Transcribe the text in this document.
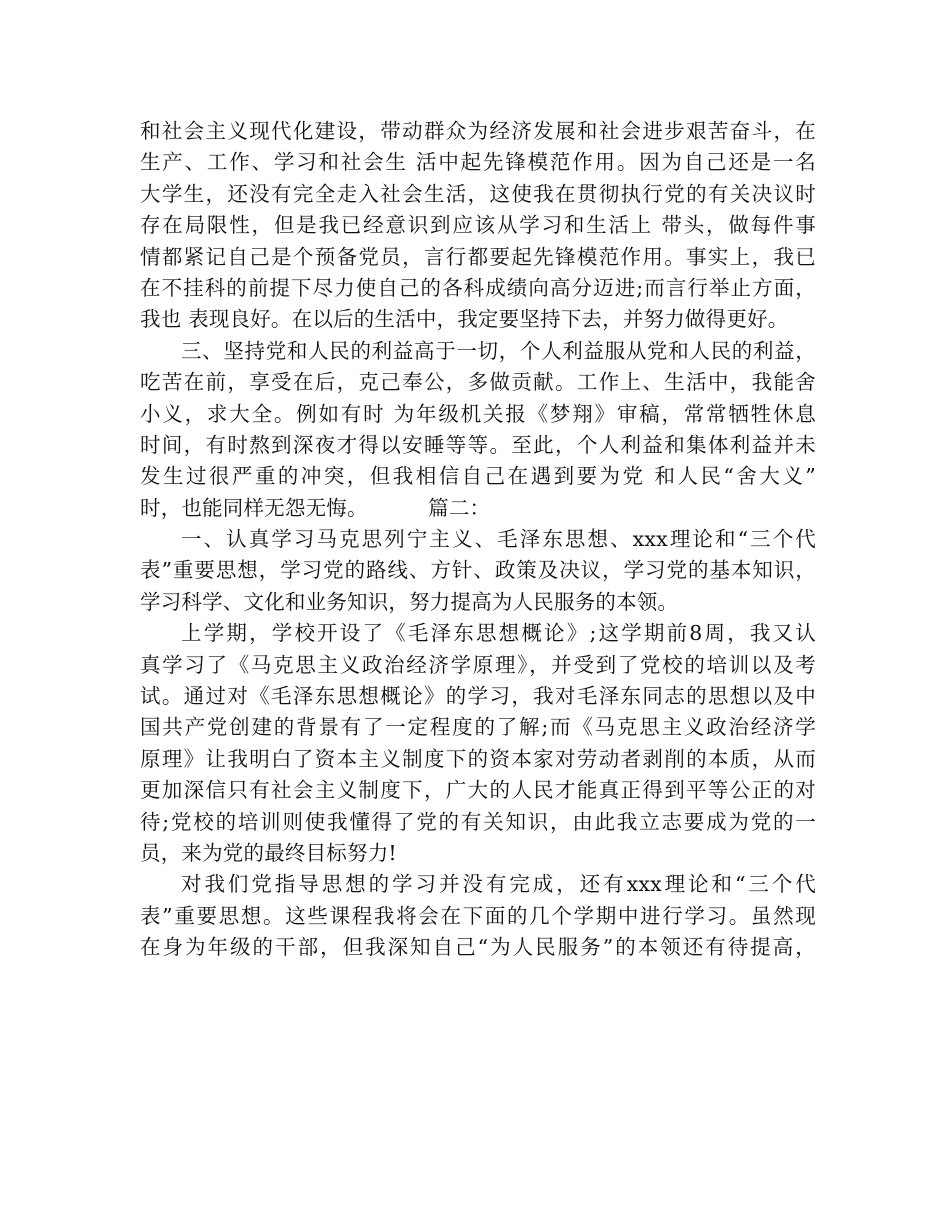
和社会主义现代化建设，带动群众为经济发展和社会进步艰苦奋斗，在
生产、工作、学习和社会生 活中起先锋模范作用。因为自己还是一名
大学生，还没有完全走入社会生活，这使我在贯彻执行党的有关决议时
存在局限性，但是我已经意识到应该从学习和生活上 带头，做每件事
情都紧记自己是个预备党员，言行都要起先锋模范作用。事实上，我已
在不挂科的前提下尽力使自己的各科成绩向高分迈进;而言行举止方面，
我也 表现良好。在以后的生活中，我定要坚持下去，并努力做得更好。
三、坚持党和人民的利益高于一切，个人利益服从党和人民的利益，
吃苦在前，享受在后，克己奉公，多做贡献。工作上、生活中，我能舍
小义，求大全。例如有时 为年级机关报《梦翔》审稿，常常牺牲休息
时间，有时熬到深夜才得以安睡等等。至此，个人利益和集体利益并未
发生过很严重的冲突，但我相信自己在遇到要为党 和人民“舍大义”
时，也能同样无怨无悔。         篇二：
一、认真学习马克思列宁主义、毛泽东思想、xxx理论和“三个代
表”重要思想，学习党的路线、方针、政策及决议，学习党的基本知识，
学习科学、文化和业务知识，努力提高为人民服务的本领。
上学期，学校开设了《毛泽东思想概论》;这学期前8周，我又认
真学习了《马克思主义政治经济学原理》，并受到了党校的培训以及考
试。通过对《毛泽东思想概论》的学习，我对毛泽东同志的思想以及中
国共产党创建的背景有了一定程度的了解;而《马克思主义政治经济学
原理》让我明白了资本主义制度下的资本家对劳动者剥削的本质，从而
更加深信只有社会主义制度下，广大的人民才能真正得到平等公正的对
待;党校的培训则使我懂得了党的有关知识，由此我立志要成为党的一
员，来为党的最终目标努力!
对我们党指导思想的学习并没有完成，还有xxx理论和“三个代
表”重要思想。这些课程我将会在下面的几个学期中进行学习。虽然现
在身为年级的干部，但我深知自己“为人民服务”的本领还有待提高，
